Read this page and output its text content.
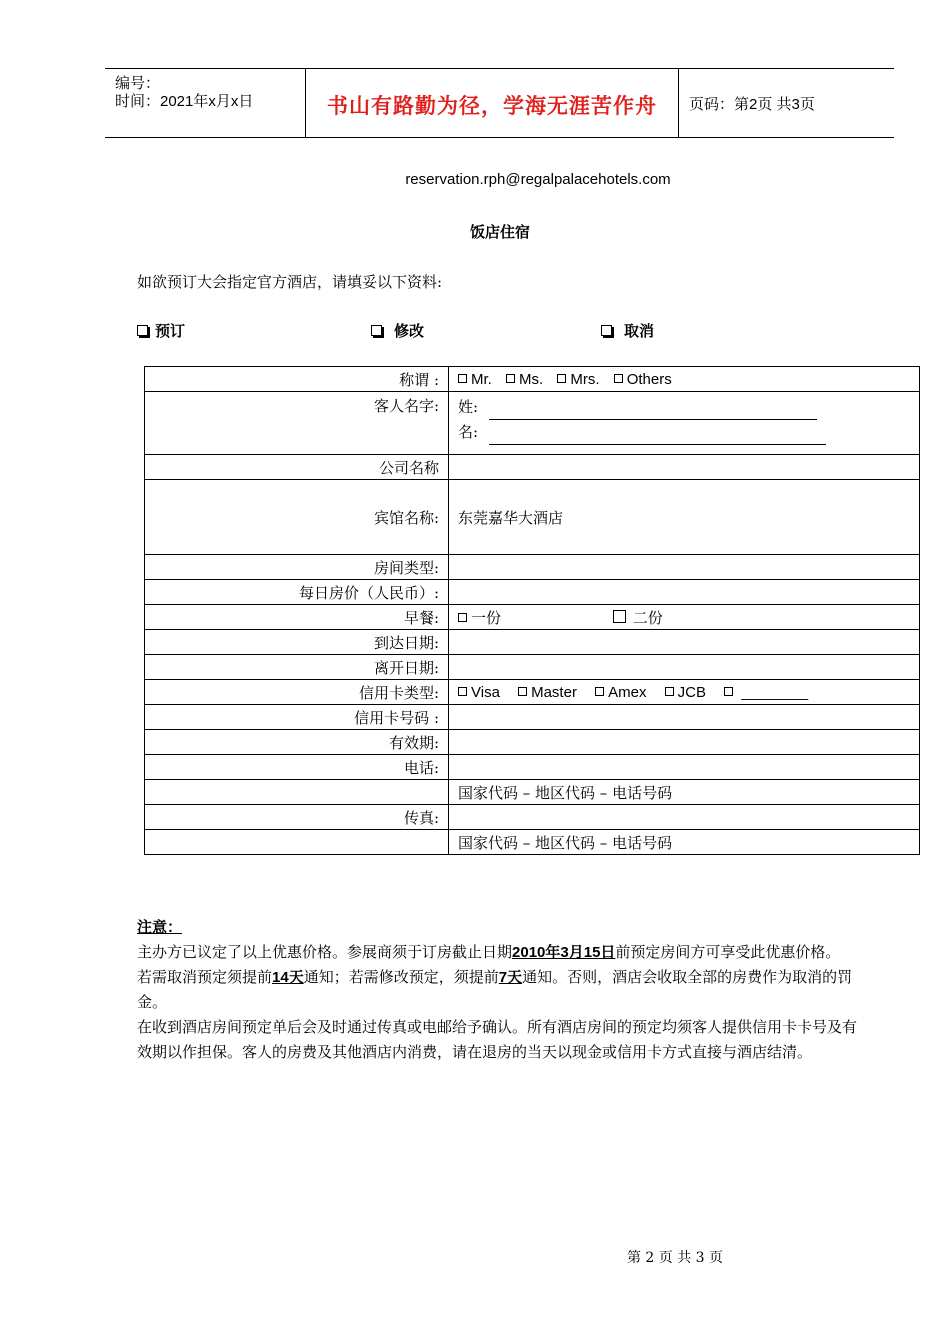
编号：
时间：2021年x月x日	书山有路勤为径，学海无涯苦作舟	页码：第2页 共3页
reservation.rph@regalpalacehotels.com
饭店住宿
如欲预订大会指定官方酒店，请填妥以下资料:
预订	修改	取消
称谓 :	Mr. Ms. Mrs. Others
客人名字:	姓:
名:

公司名称	
宾馆名称:	东莞嘉华大酒店
房间类型:	
每日房价（人民币）:	
早餐:	一份 二份
到达日期:	
离开日期:	
信用卡类型:	Visa Master Amex JCB ________
信用卡号码 :	
有效期:	
电话:	
	国家代码 – 地区代码 – 电话号码
传真:	
	国家代码 – 地区代码 – 电话号码

注意：

主办方已议定了以上优惠价格。参展商须于订房截止日期2010年3月15日前预定房间方可享受此优惠价格。

若需取消预定须提前14天通知；若需修改预定，须提前7天通知。否则，酒店会收取全部的房费作为取消的罚金。

在收到酒店房间预定单后会及时通过传真或电邮给予确认。所有酒店房间的预定均须客人提供信用卡卡号及有效期以作担保。客人的房费及其他酒店内消费，请在退房的当天以现金或信用卡方式直接与酒店结清。

第 2 页 共 3 页
